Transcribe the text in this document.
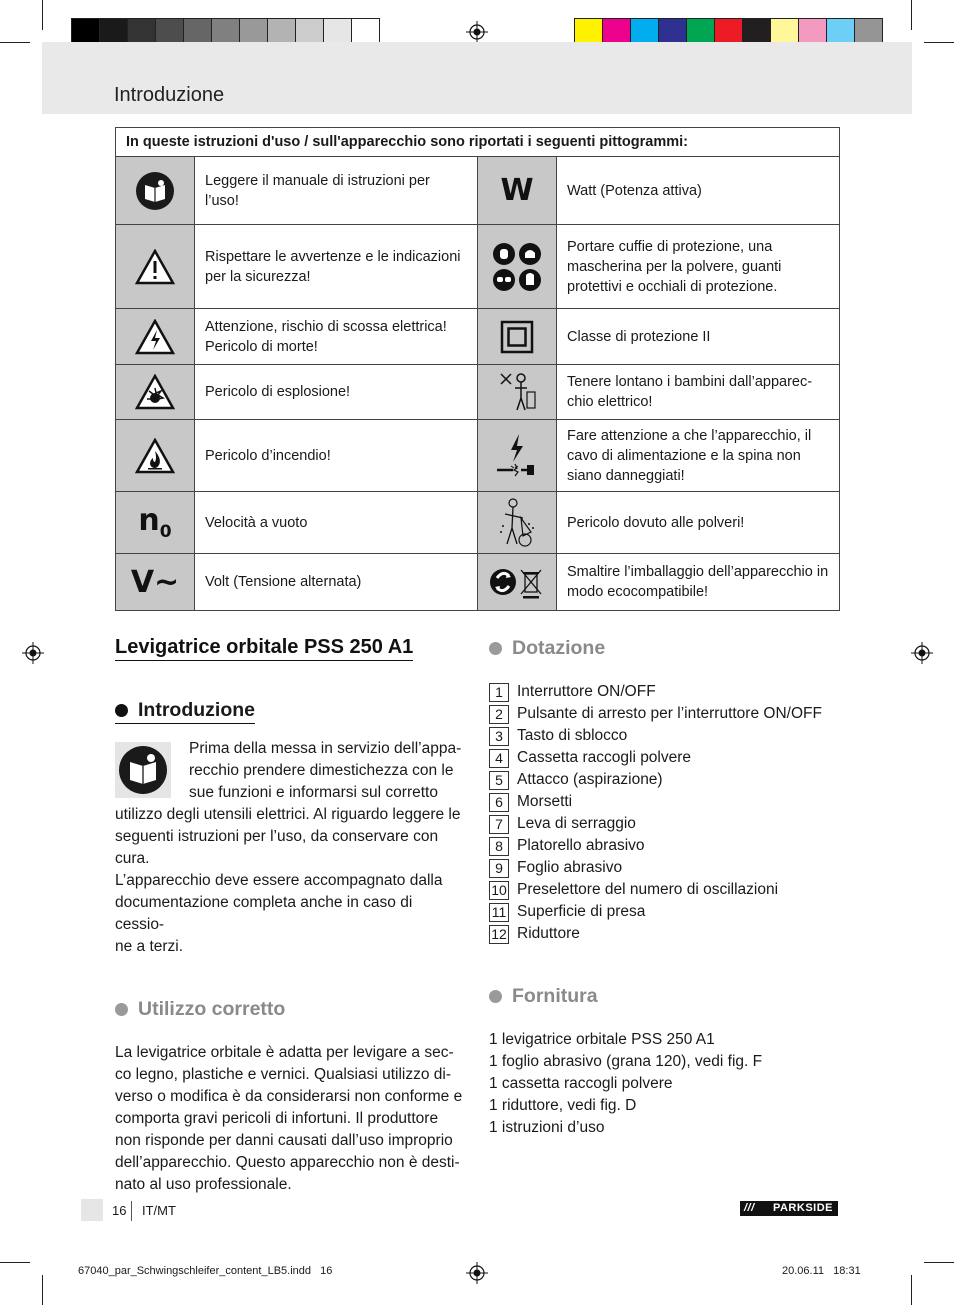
Introduzione
In queste istruzioni d'uso / sull'apparecchio sono riportati i seguenti pittogrammi:			

	Leggere il manuale di istruzioni per l’uso!	W	Watt (Potenza attiva)

	Rispettare le avvertenze e le indicazioni per la sicurezza!		Portare cuffie di protezione, una mascherina per la polvere, guanti protettivi e occhiali di protezione.

	Attenzione, rischio di scossa elettrica! Pericolo di morte!		Classe di protezione II

	Pericolo di esplosione!		Tenere lontano i bambini dall’apparec-chio elettrico!

	Pericolo d’incendio!		Fare attenzione a che l’apparecchio, il cavo di alimentazione e la spina non siano danneggiati!
$n_0$	Velocità a vuoto		Pericolo dovuto alle polveri!
V~	Volt (Tensione alternata)		Smaltire l’imballaggio dell’apparecchio in modo ecocompatibile!
Levigatrice orbitale PSS 250 A1
Introduzione
Prima della messa in servizio dell’appa-
recchio prendere dimestichezza con le
sue funzioni e informarsi sul corretto
utilizzo degli utensili elettrici. Al riguardo leggere le
seguenti istruzioni per l’uso, da conservare con cura.
L’apparecchio deve essere accompagnato dalla
documentazione completa anche in caso di cessio-
ne a terzi.
Utilizzo corretto
La levigatrice orbitale è adatta per levigare a sec-
co legno, plastiche e vernici. Qualsiasi utilizzo di-
verso o modifica è da considerarsi non conforme e
comporta gravi pericoli di infortuni. Il produttore
non risponde per danni causati dall’uso improprio
dell’apparecchio. Questo apparecchio non è desti-
nato al uso professionale.
Dotazione
1 Interruttore ON/OFF
2 Pulsante di arresto per l’interruttore ON/OFF
3 Tasto di sblocco
4 Cassetta raccogli polvere
5 Attacco (aspirazione)
6 Morsetti
7 Leva di serraggio
8 Platorello abrasivo
9 Foglio abrasivo
10 Preselettore del numero di oscillazioni
11 Superficie di presa
12 Riduttore
Fornitura
1 levigatrice orbitale PSS 250 A1
1 foglio abrasivo (grana 120), vedi fig. F
1 cassetta raccogli polvere
1 riduttore, vedi fig. D
1 istruzioni d’uso
16 IT/MT	/// PARKSIDE
67040_par_Schwingschleifer_content_LB5.indd   16	20.06.11   18:31
